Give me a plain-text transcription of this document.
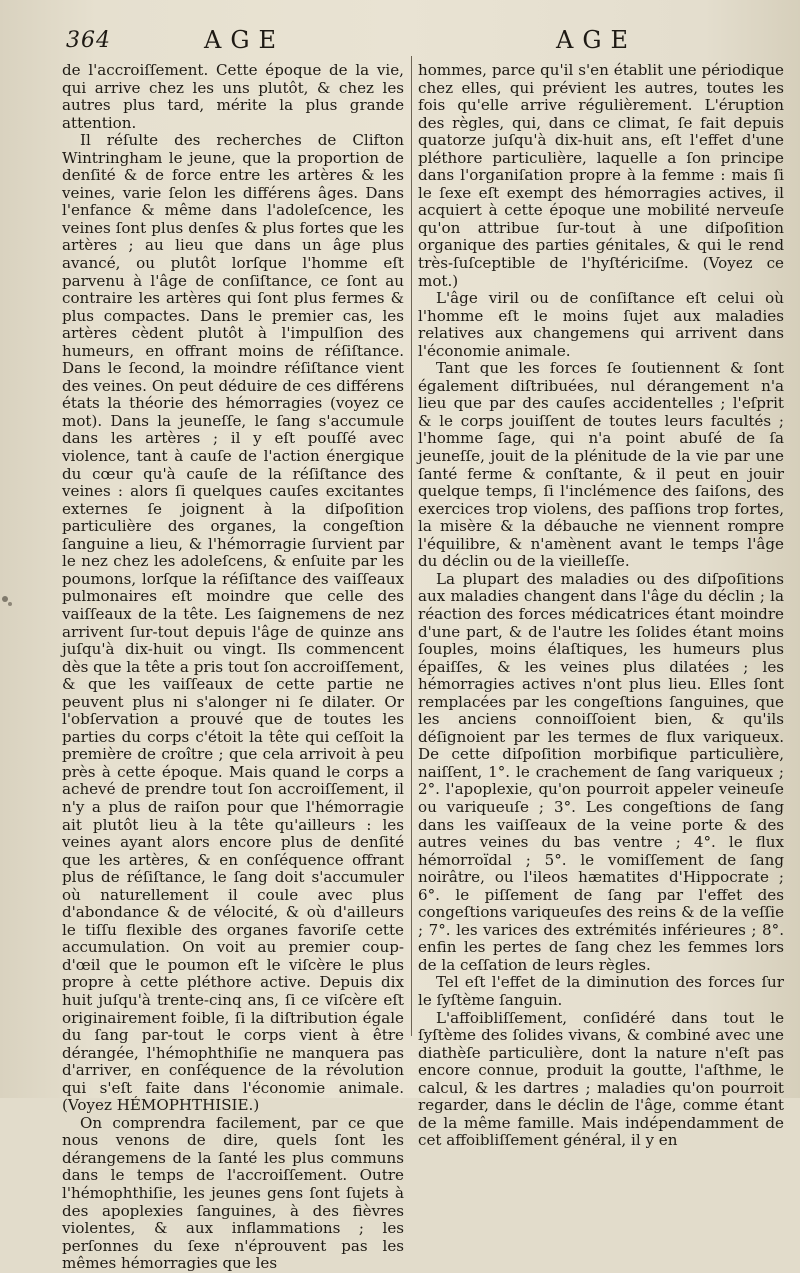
364	AGE	AGE

de l'accroiſſement. Cette époque de la vie, qui arrive chez les uns plutôt, & chez les autres plus tard, mérite la plus grande attention.

Il réſulte des recherches de Clifton Wintringham le jeune, que la proportion de denſité & de force entre les artères & les veines, varie ſelon les différens âges. Dans l'enfance & même dans l'adoleſcence, les veines ſont plus denſes & plus fortes que les artères ; au lieu que dans un âge plus avancé, ou plutôt lorſque l'homme eſt parvenu à l'âge de conſiſtance, ce ſont au contraire les artères qui ſont plus fermes & plus compactes. Dans le premier cas, les artères cèdent plutôt à l'impulſion des humeurs, en offrant moins de réſiſtance. Dans le ſecond, la moindre réſiſtance vient des veines. On peut déduire de ces différens états la théorie des hémorragies (voyez ce mot). Dans la jeuneſſe, le ſang s'accumule dans les artères ; il y eſt pouſſé avec violence, tant à cauſe de l'action énergique du cœur qu'à cauſe de la réſiſtance des veines : alors ſi quelques cauſes excitantes externes ſe joignent à la diſpoſition particulière des organes, la congeſtion ſanguine a lieu, & l'hémorragie ſurvient par le nez chez les adoleſcens, & enſuite par les poumons, lorſque la réſiſtance des vaiſſeaux pulmonaires eſt moindre que celle des vaiſſeaux de la tête. Les ſaignemens de nez arrivent ſur-tout depuis l'âge de quinze ans juſqu'à dix-huit ou vingt. Ils commencent dès que la tête a pris tout ſon accroiſſement, & que les vaiſſeaux de cette partie ne peuvent plus ni s'alonger ni ſe dilater. Or l'obſervation a prouvé que de toutes les parties du corps c'étoit la tête qui ceſſoit la première de croître ; que cela arrivoit à peu près à cette époque. Mais quand le corps a achevé de prendre tout ſon accroiſſement, il n'y a plus de raiſon pour que l'hémorragie ait plutôt lieu à la tête qu'ailleurs : les veines ayant alors encore plus de denſité que les artères, & en conſéquence offrant plus de réſiſtance, le ſang doit s'accumuler où naturellement il coule avec plus d'abondance & de vélocité, & où d'ailleurs le tiſſu flexible des organes favoriſe cette accumulation. On voit au premier coup-d'œil que le poumon eſt le viſcère le plus propre à cette pléthore active. Depuis dix huit juſqu'à trente-cinq ans, ſi ce viſcère eſt originairement foible, ſi la diſtribution égale du ſang par-tout le corps vient à être dérangée, l'hémophthiſie ne manquera pas d'arriver, en conſéquence de la révolution qui s'eſt faite dans l'économie animale. (Voyez HÉMOPHTHISIE.)

On comprendra facilement, par ce que nous venons de dire, quels ſont les dérangemens de la ſanté les plus communs dans le temps de l'accroiſſement. Outre l'hémophthiſie, les jeunes gens ſont ſujets à des apoplexies ſanguines, à des fièvres violentes, & aux inflammations ; les perſonnes du ſexe n'éprouvent pas les mêmes hémorragies que les

hommes, parce qu'il s'en établit une périodique chez elles, qui prévient les autres, toutes les fois qu'elle arrive régulièrement. L'éruption des règles, qui, dans ce climat, ſe fait depuis quatorze juſqu'à dix-huit ans, eſt l'effet d'une pléthore particulière, laquelle a ſon principe dans l'organiſation propre à la femme : mais ſi le ſexe eſt exempt des hémorragies actives, il acquiert à cette époque une mobilité nerveuſe qu'on attribue ſur-tout à une diſpoſition organique des parties génitales, & qui le rend très-ſuſceptible de l'hyſtériciſme. (Voyez ce mot.)

L'âge viril ou de conſiſtance eſt celui où l'homme eſt le moins ſujet aux maladies relatives aux changemens qui arrivent dans l'économie animale.

Tant que les forces ſe ſoutiennent & ſont également diſtribuées, nul dérangement n'a lieu que par des cauſes accidentelles ; l'eſprit & le corps jouiſſent de toutes leurs facultés ; l'homme ſage, qui n'a point abuſé de ſa jeuneſſe, jouit de la plénitude de la vie par une ſanté ferme & conſtante, & il peut en jouir quelque temps, ſi l'inclémence des ſaiſons, des exercices trop violens, des paſſions trop fortes, la misère & la débauche ne viennent rompre l'équilibre, & n'amènent avant le temps l'âge du déclin ou de la vieilleſſe.

La plupart des maladies ou des diſpoſitions aux maladies changent dans l'âge du déclin ; la réaction des forces médicatrices étant moindre d'une part, & de l'autre les ſolides étant moins ſouples, moins élaſtiques, les humeurs plus épaiſſes, & les veines plus dilatées ; les hémorragies actives n'ont plus lieu. Elles ſont remplacées par les congeſtions ſanguines, que les anciens connoiſſoient bien, & qu'ils déſignoient par les termes de flux variqueux. De cette diſpoſition morbifique particulière, naiſſent, 1°. le crachement de ſang variqueux ; 2°. l'apoplexie, qu'on pourroit appeler veineuſe ou variqueuſe ; 3°. Les congeſtions de ſang dans les vaiſſeaux de la veine porte & des autres veines du bas ventre ; 4°. le flux hémorroïdal ; 5°. le vomiſſement de ſang noirâtre, ou l'ileos hæmatites d'Hippocrate ; 6°. le piſſement de ſang par l'effet des congeſtions variqueuſes des reins & de la veſſie ; 7°. les varices des extrémités inférieures ; 8°. enfin les pertes de ſang chez les femmes lors de la ceſſation de leurs règles.

Tel eſt l'effet de la diminution des forces ſur le ſyſtème ſanguin.

L'affoibliſſement, conſidéré dans tout le ſyſtème des ſolides vivans, & combiné avec une diathèſe particulière, dont la nature n'eſt pas encore connue, produit la goutte, l'aſthme, le calcul, & les dartres ; maladies qu'on pourroit regarder, dans le déclin de l'âge, comme étant de la même famille. Mais indépendamment de cet affoibliſſement général, il y en
